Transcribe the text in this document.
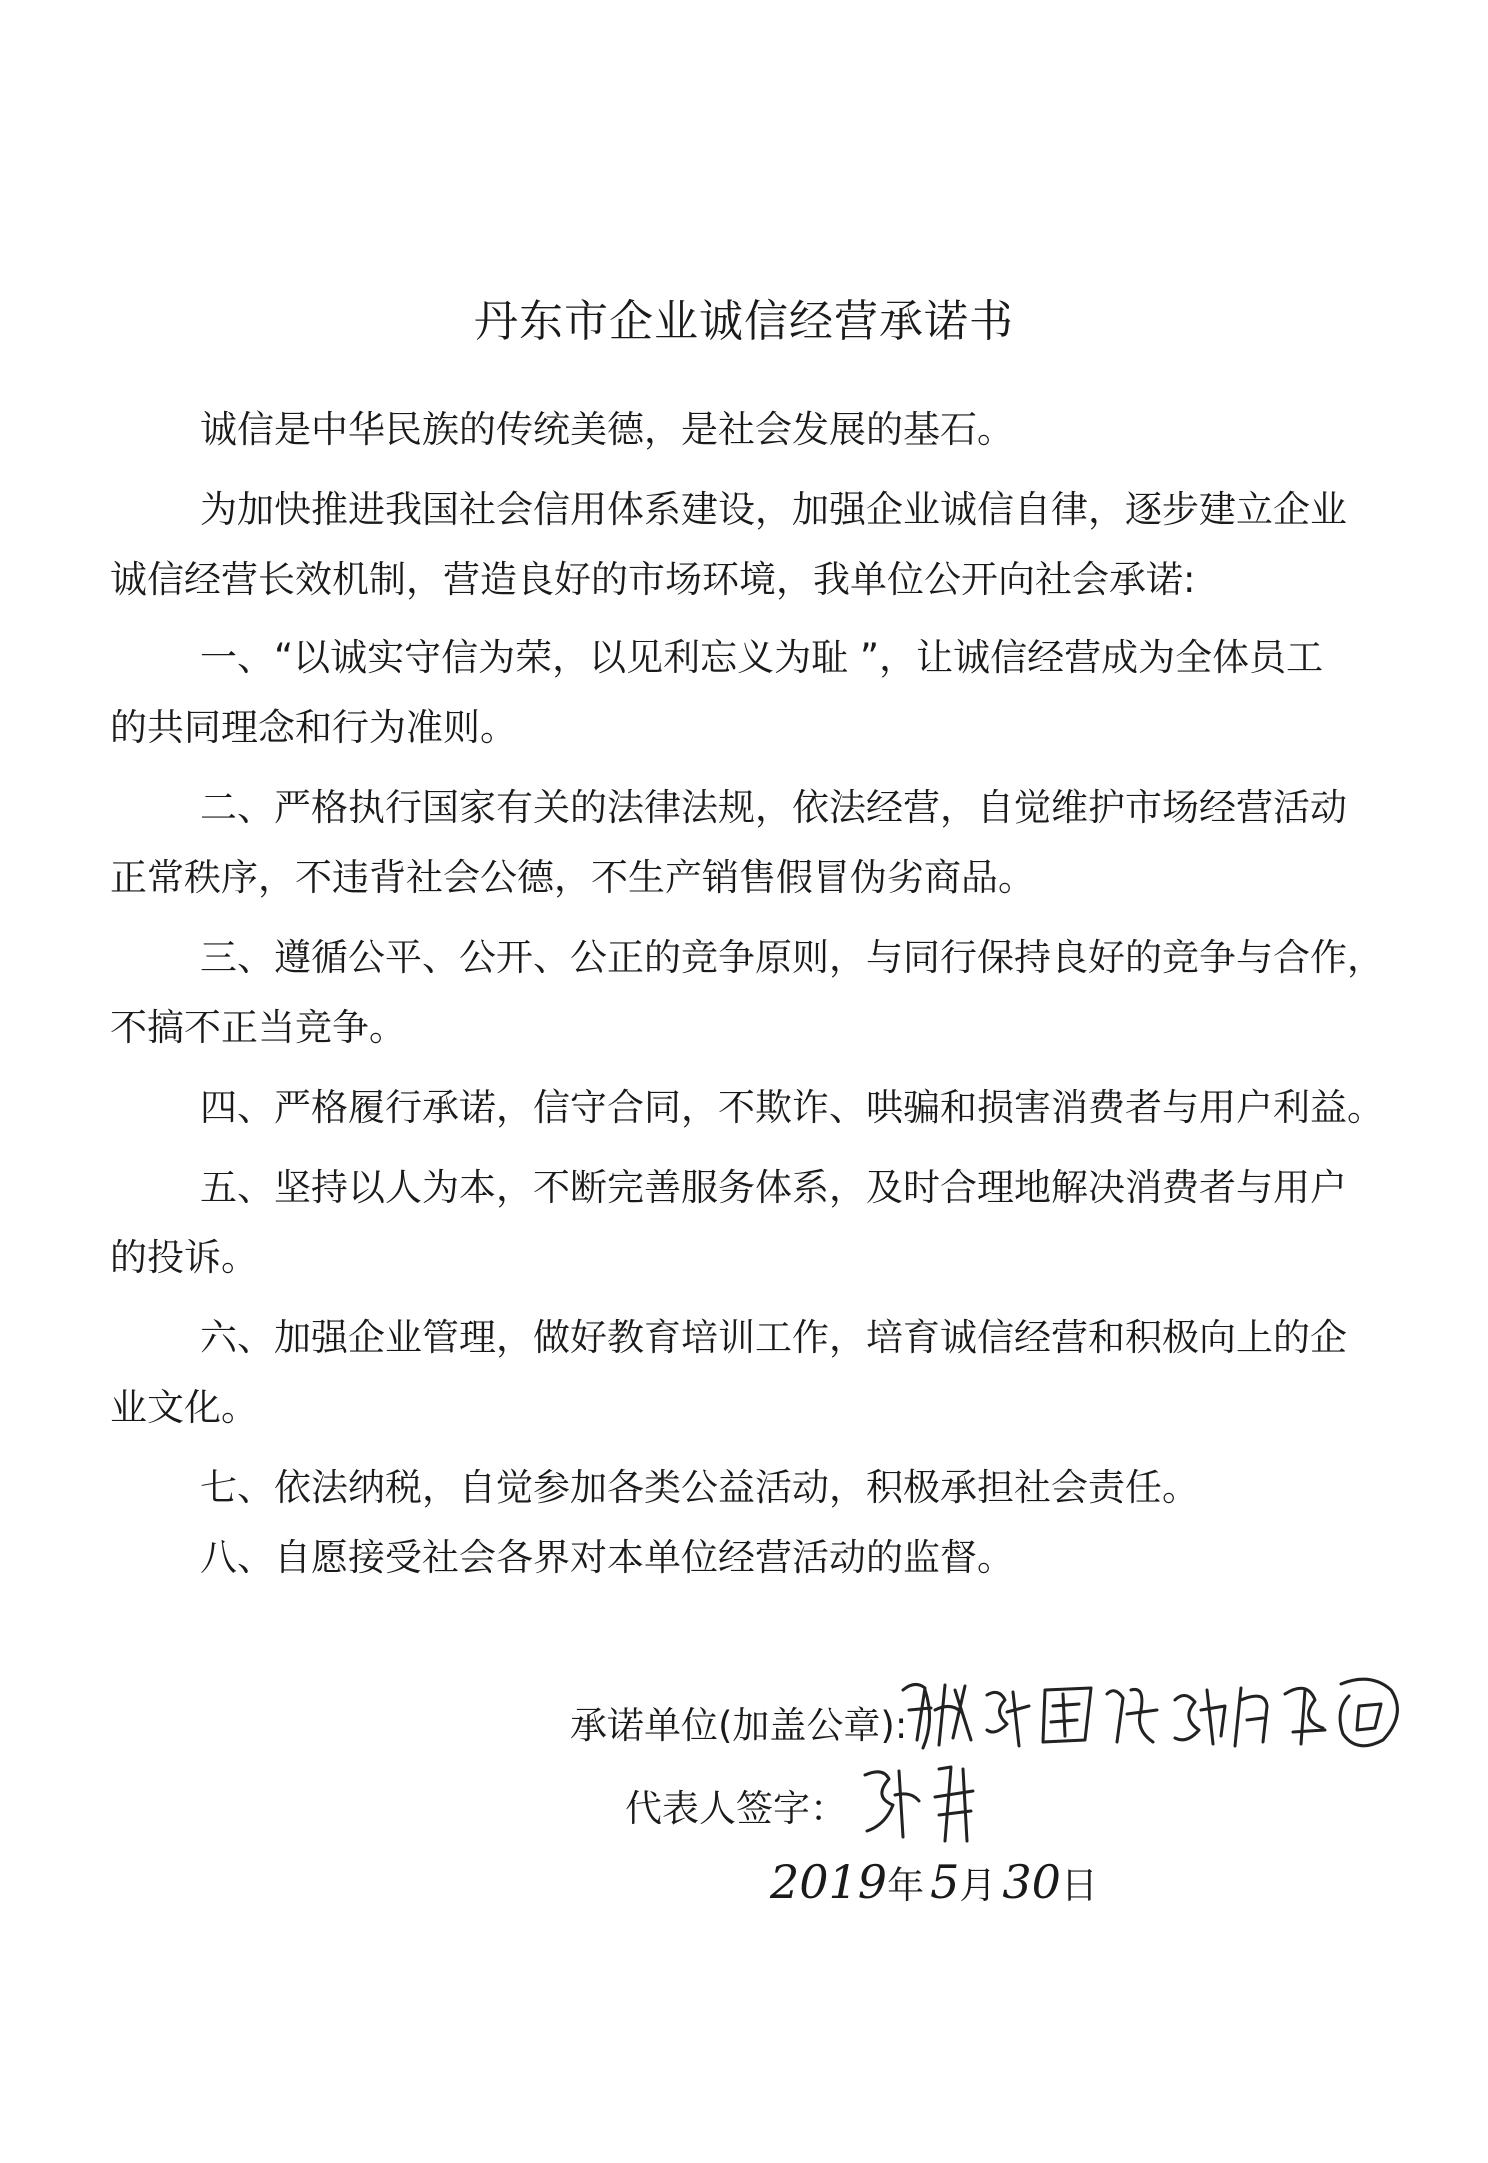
丹东市企业诚信经营承诺书
诚信是中华民族的传统美德，是社会发展的基石。
为加快推进我国社会信用体系建设，加强企业诚信自律，逐步建立企业
诚信经营长效机制，营造良好的市场环境，我单位公开向社会承诺:
一、“以诚实守信为荣，以见利忘义为耻 ”，让诚信经营成为全体员工
的共同理念和行为准则。
二、严格执行国家有关的法律法规，依法经营，自觉维护市场经营活动
正常秩序，不违背社会公德，不生产销售假冒伪劣商品。
三、遵循公平、公开、公正的竞争原则，与同行保持良好的竞争与合作，
不搞不正当竞争。
四、严格履行承诺，信守合同，不欺诈、哄骗和损害消费者与用户利益。
五、坚持以人为本，不断完善服务体系，及时合理地解决消费者与用户
的投诉。
六、加强企业管理，做好教育培训工作，培育诚信经营和积极向上的企
业文化。
七、依法纳税，自觉参加各类公益活动，积极承担社会责任。
八、自愿接受社会各界对本单位经营活动的监督。
承诺单位(加盖公章):
代表人签字：
2019年 5月 30日
